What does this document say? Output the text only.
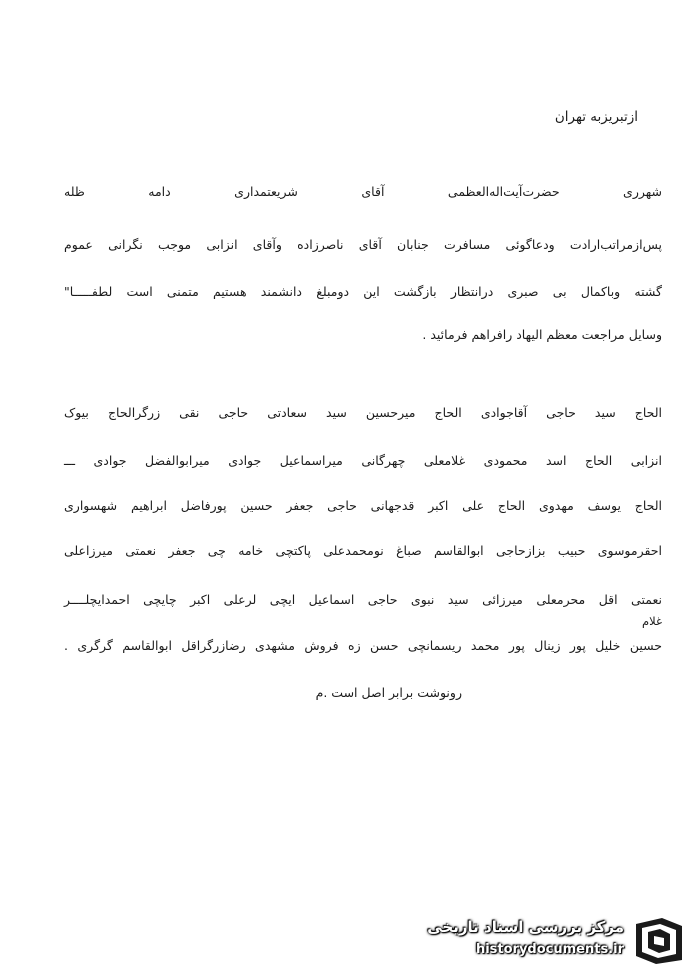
ازتبریزبه تهران
شهرری حضرت‌آیت‌اله‌العظمی آقای شریعتمداری دامه ظله
پس‌ازمراتب‌ارادت ودعاگوئی مسافرت جنابان آقای ناصرزاده وآقای انزابی موجب نگرانی عموم
گشته وباکمال بی صبری درانتظار بازگشت این دومبلغ دانشمند هستیم متمنی است لطفـــــا"
وسایل مراجعت معظم الیهاد رافراهم فرمائید .
الحاج سید حاجی آقاجوادی الحاج میرحسین سید سعادتی حاجی نقی زرگرالحاج بیوک
انزابی الحاج اسد محمودی غلامعلی چهرگانی میراسماعیل جوادی میرابوالفضل جوادی ـــ
الحاج یوسف مهدوی الحاج علی اکبر قدجهانی حاجی جعفر حسین پورفاضل ابراهیم شهسواری
احقرموسوی حبیب بزازحاجی ابوالقاسم صباغ نومحمدعلی پاکتچی خامه چی جعفر نعمتی میرزاعلی
نعمتی اقل محرمعلی میرزائی سید نبوی حاجی اسماعیل ایچی لرعلی اکبر چایچی احمدایچلــــر
غلام
حسین خلیل پور زینال پور محمد ریسمانچی حسن زه فروش مشهدی رضازرگراقل ابوالقاسم گرگری .
رونوشت برابر اصل است .م
مرکز بررسی اسناد تاریخی
historydocuments.ir
